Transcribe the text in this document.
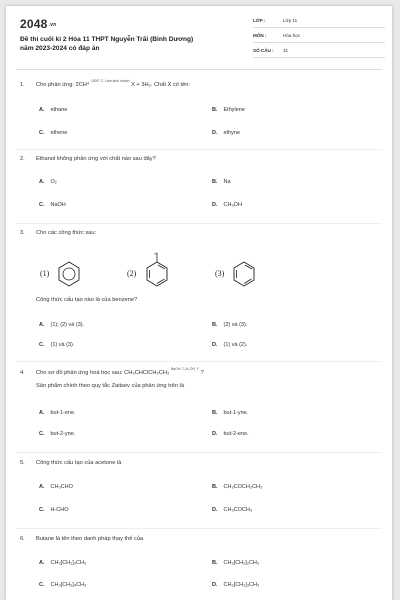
2048.vn
Đề thi cuối kì 2 Hóa 11 THPT Nguyễn Trãi (Bình Dương)
năm 2023-2024 có đáp án
LỚP :	Lớp 11
MÔN :	Hóa học
SỐ CÂU : 31
1. Cho phản ứng: 2CH⁴ $^{1500^\circ C, Làm lạnh nhanh}$ X + 3H₂. Chất X có tên:
A. ethane	B. Ethylene
C. ethene	D. ethyne
2. Ethanol không phản ứng với chất nào sau đây?
A. O₂	B. Na
C. NaOH	D. CH₃OH
3. Cho các công thức sau:
(1)	(2)
H
(3)
Công thức cấu tạo nào là của benzene?
A. (1); (2) và (3).	B. (2) và (3).
C. (1) và (3).	D. (1) và (2).
4. Cho sơ đồ phản ứng hoá học sau: CH₃CHClCH₂CH₃ $^{NaOH, C_2H_5OH, t^\circ}$ ?
Sản phẩm chính theo quy tắc Zaitsev của phản ứng trên là
A. but-1-ene.	B. but-1-yne.
C. but-2-yne.	D. but-2-ene.
5. Công thức cấu tạo của acetone là
A. CH₃CHO	B. CH₃COCH₂CH₃
C. H-CHO	D. CH₃COCH₃
6. Butane là tên theo danh pháp thay thế của
A. CH₃[CH₂]₃CH₃	B. CH₃[CH₂]₂CH₃
C. CH₃[CH₂]₄CH₃	D. CH₃[CH₂]₃CH₃
